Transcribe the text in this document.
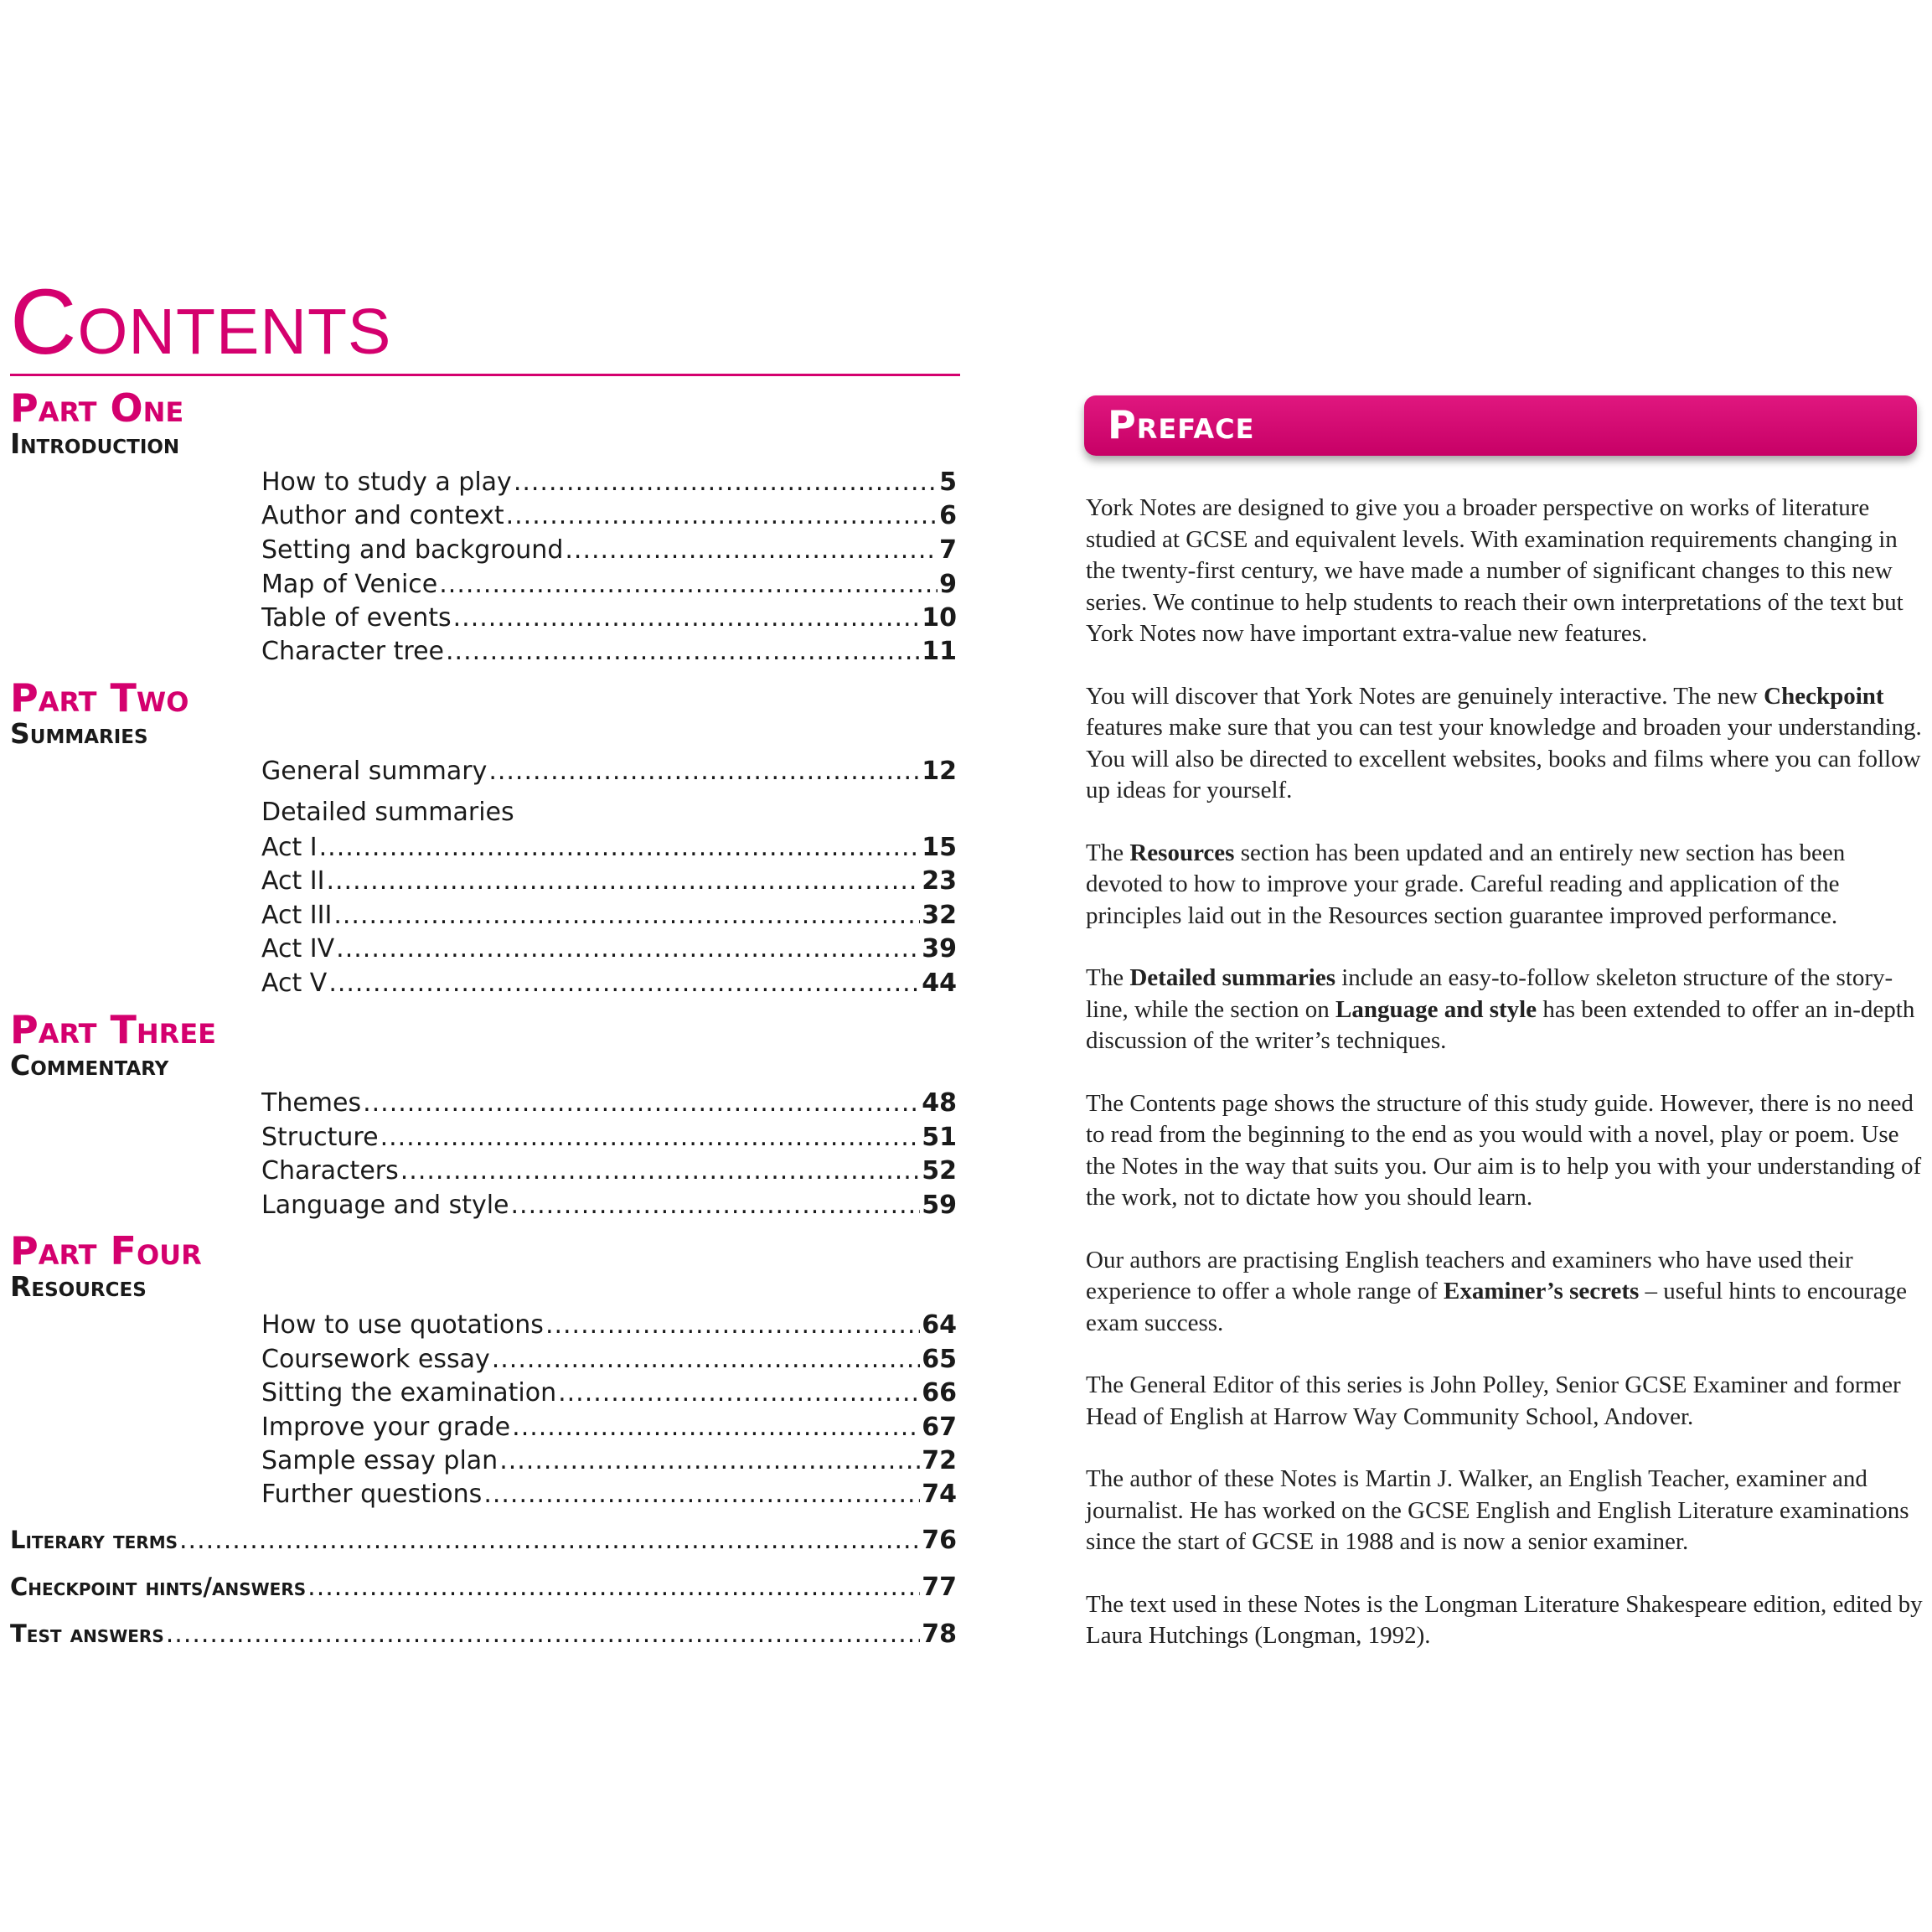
Contents
Part One
Introduction
How to study a play .....	5
Author and context .....	6
Setting and background .....	7
Map of Venice .....	9
Table of events .....	10
Character tree .....	11
Part Two
Summaries
General summary .....	12
Detailed summaries
Act I .....	15
Act II .....	23
Act III .....	32
Act IV .....	39
Act V .....	44
Part Three
Commentary
Themes .....	48
Structure .....	51
Characters .....	52
Language and style .....	59
Part Four
Resources
How to use quotations .....	64
Coursework essay .....	65
Sitting the examination .....	66
Improve your grade .....	67
Sample essay plan .....	72
Further questions .....	74
Literary terms .....	76
Checkpoint hints/answers .....	77
Test answers .....	78
Preface

York Notes are designed to give you a broader perspective on works of literature studied at GCSE and equivalent levels. With examination requirements changing in the twenty-first century, we have made a number of significant changes to this new series. We continue to help students to reach their own interpretations of the text but York Notes now have important extra-value new features.

You will discover that York Notes are genuinely interactive. The new Checkpoint features make sure that you can test your knowledge and broaden your understanding. You will also be directed to excellent websites, books and films where you can follow up ideas for yourself.

The Resources section has been updated and an entirely new section has been devoted to how to improve your grade. Careful reading and application of the principles laid out in the Resources section guarantee improved performance.

The Detailed summaries include an easy-to-follow skeleton structure of the story-line, while the section on Language and style has been extended to offer an in-depth discussion of the writer’s techniques.

The Contents page shows the structure of this study guide. However, there is no need to read from the beginning to the end as you would with a novel, play or poem. Use the Notes in the way that suits you. Our aim is to help you with your understanding of the work, not to dictate how you should learn.

Our authors are practising English teachers and examiners who have used their experience to offer a whole range of Examiner’s secrets – useful hints to encourage exam success.

The General Editor of this series is John Polley, Senior GCSE Examiner and former Head of English at Harrow Way Community School, Andover.

The author of these Notes is Martin J. Walker, an English Teacher, examiner and journalist. He has worked on the GCSE English and English Literature examinations since the start of GCSE in 1988 and is now a senior examiner.

The text used in these Notes is the Longman Literature Shakespeare edition, edited by Laura Hutchings (Longman, 1992).
